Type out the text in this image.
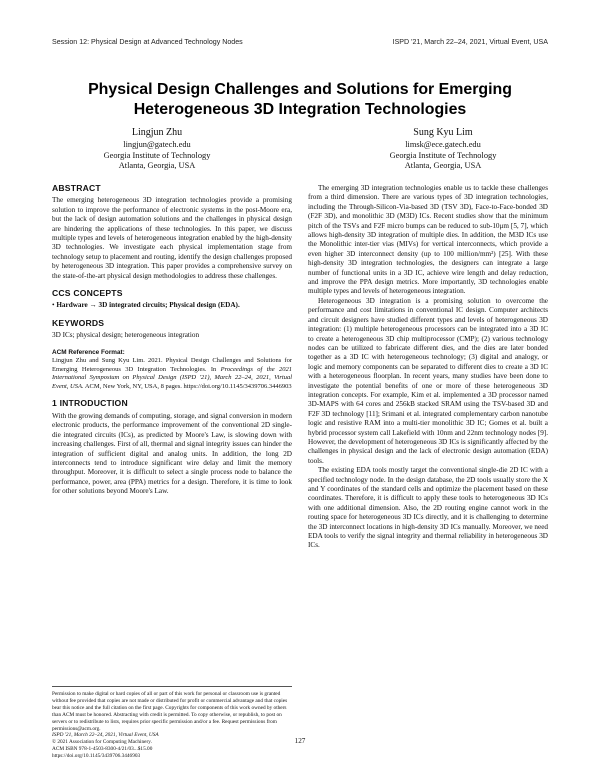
Session 12: Physical Design at Advanced Technology Nodes	ISPD '21, March 22–24, 2021, Virtual Event, USA
Physical Design Challenges and Solutions for Emerging
Heterogeneous 3D Integration Technologies
Lingjun Zhu
lingjun@gatech.edu
Georgia Institute of Technology
Atlanta, Georgia, USA
Sung Kyu Lim
limsk@ece.gatech.edu
Georgia Institute of Technology
Atlanta, Georgia, USA
ABSTRACT

The emerging heterogeneous 3D integration technologies provide a promising solution to improve the performance of electronic systems in the post-Moore era, but the lack of design automation solutions and the challenges in physical design are hindering the applications of these technologies. In this paper, we discuss multiple types and levels of heterogeneous integration enabled by the high-density 3D technologies. We investigate each physical implementation stage from technology setup to placement and routing, identify the design challenges proposed by heterogeneous 3D integration. This paper provides a comprehensive survey on the state-of-the-art physical design methodologies to address these challenges.

CCS CONCEPTS

• Hardware → 3D integrated circuits; Physical design (EDA).

KEYWORDS

3D ICs; physical design; heterogeneous integration

ACM Reference Format:

Lingjun Zhu and Sung Kyu Lim. 2021. Physical Design Challenges and Solutions for Emerging Heterogeneous 3D Integration Technologies. In Proceedings of the 2021 International Symposium on Physical Design (ISPD '21), March 22–24, 2021, Virtual Event, USA. ACM, New York, NY, USA, 8 pages. https://doi.org/10.1145/3439706.3446903

1 INTRODUCTION

With the growing demands of computing, storage, and signal conversion in modern electronic products, the performance improvement of the conventional 2D single-die integrated circuits (ICs), as predicted by Moore's Law, is slowing down with increasing challenges. First of all, thermal and signal integrity issues can hinder the integration of sufficient digital and analog units. In addition, the long 2D interconnects tend to introduce significant wire delay and limit the memory throughput. Moreover, it is difficult to select a single process node to balance the performance, power, area (PPA) metrics for a design. Therefore, it is time to look for other solutions beyond Moore's Law.

The emerging 3D integration technologies enable us to tackle these challenges from a third dimension. There are various types of 3D integration technologies, including the Through-Silicon-Via-based 3D (TSV 3D), Face-to-Face-bonded 3D (F2F 3D), and monolithic 3D (M3D) ICs. Recent studies show that the minimum pitch of the TSVs and F2F micro bumps can be reduced to sub-10μm [5, 7], which allows high-density 3D integration of multiple dies. In addition, the M3D ICs use the Monolithic inter-tier vias (MIVs) for vertical interconnects, which provide a even higher 3D interconnect density (up to 100 million/mm²) [25]. With these high-density 3D integration technologies, the designers can integrate a large number of functional units in a 3D IC, achieve wire length and delay reduction, and improve the PPA design metrics. More importantly, 3D technologies enable multiple types and levels of heterogeneous integration.

Heterogeneous 3D integration is a promising solution to overcome the performance and cost limitations in conventional IC design. Computer architects and circuit designers have studied different types and levels of heterogeneous 3D integration: (1) multiple heterogeneous processors can be integrated into a 3D IC to create a heterogeneous 3D chip multiprocessor (CMP); (2) various technology nodes can be utilized to fabricate different dies, and the dies are later bonded together as a 3D IC with heterogeneous technology; (3) digital and analogy, or logic and memory components can be separated to different dies to create a 3D IC with a heterogeneous floorplan. In recent years, many studies have been done to investigate the potential benefits of one or more of these heterogeneous 3D integration concepts. For example, Kim et al. implemented a 3D processor named 3D-MAPS with 64 cores and 256kB stacked SRAM using the TSV-based 3D and F2F 3D technology [11]; Srimani et al. integrated complementary carbon nanotube logic and resistive RAM into a multi-tier monolithic 3D IC; Gomes et al. built a hybrid processor system call Lakefield with 10nm and 22nm technology nodes [9]. However, the development of heterogeneous 3D ICs is significantly affected by the challenges in physical design and the lack of electronic design automation (EDA) tools.

The existing EDA tools mostly target the conventional single-die 2D IC with a specified technology node. In the design database, the 2D tools usually store the X and Y coordinates of the standard cells and optimize the placement based on these coordinates. Therefore, it is difficult to apply these tools to heterogeneous 3D ICs with one additional dimension. Also, the 2D routing engine cannot work in the routing space for heterogeneous 3D ICs directly, and it is challenging to determine the 3D interconnect locations in high-density 3D ICs manually. Moreover, we need EDA tools to verify the signal integrity and thermal reliability in heterogeneous 3D ICs.

Permission to make digital or hard copies of all or part of this work for personal or classroom use is granted without fee provided that copies are not made or distributed for profit or commercial advantage and that copies bear this notice and the full citation on the first page. Copyrights for components of this work owned by others than ACM must be honored. Abstracting with credit is permitted. To copy otherwise, or republish, to post on servers or to redistribute to lists, requires prior specific permission and/or a fee. Request permissions from permissions@acm.org.
ISPD '21, March 22–24, 2021, Virtual Event, USA
© 2021 Association for Computing Machinery.
ACM ISBN 978-1-4503-8300-4/21/03...$15.00
https://doi.org/10.1145/3439706.3446903
127
